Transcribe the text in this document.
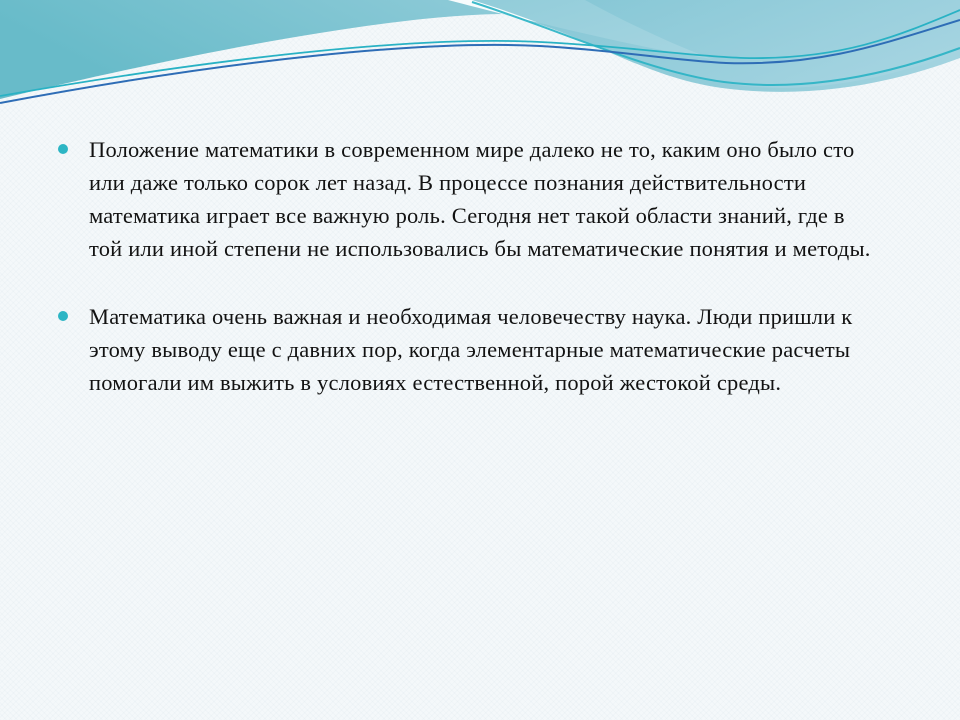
Положение математики в современном мире далеко не то, каким оно было сто или даже только сорок лет назад. В процессе познания действительности математика играет все важную роль. Сегодня нет такой области знаний, где в той или иной степени не использовались бы математические понятия и методы.
Математика очень важная и необходимая человечеству наука. Люди пришли к этому выводу еще с давних пор, когда элементарные математические расчеты помогали им выжить в условиях естественной, порой жестокой среды.
